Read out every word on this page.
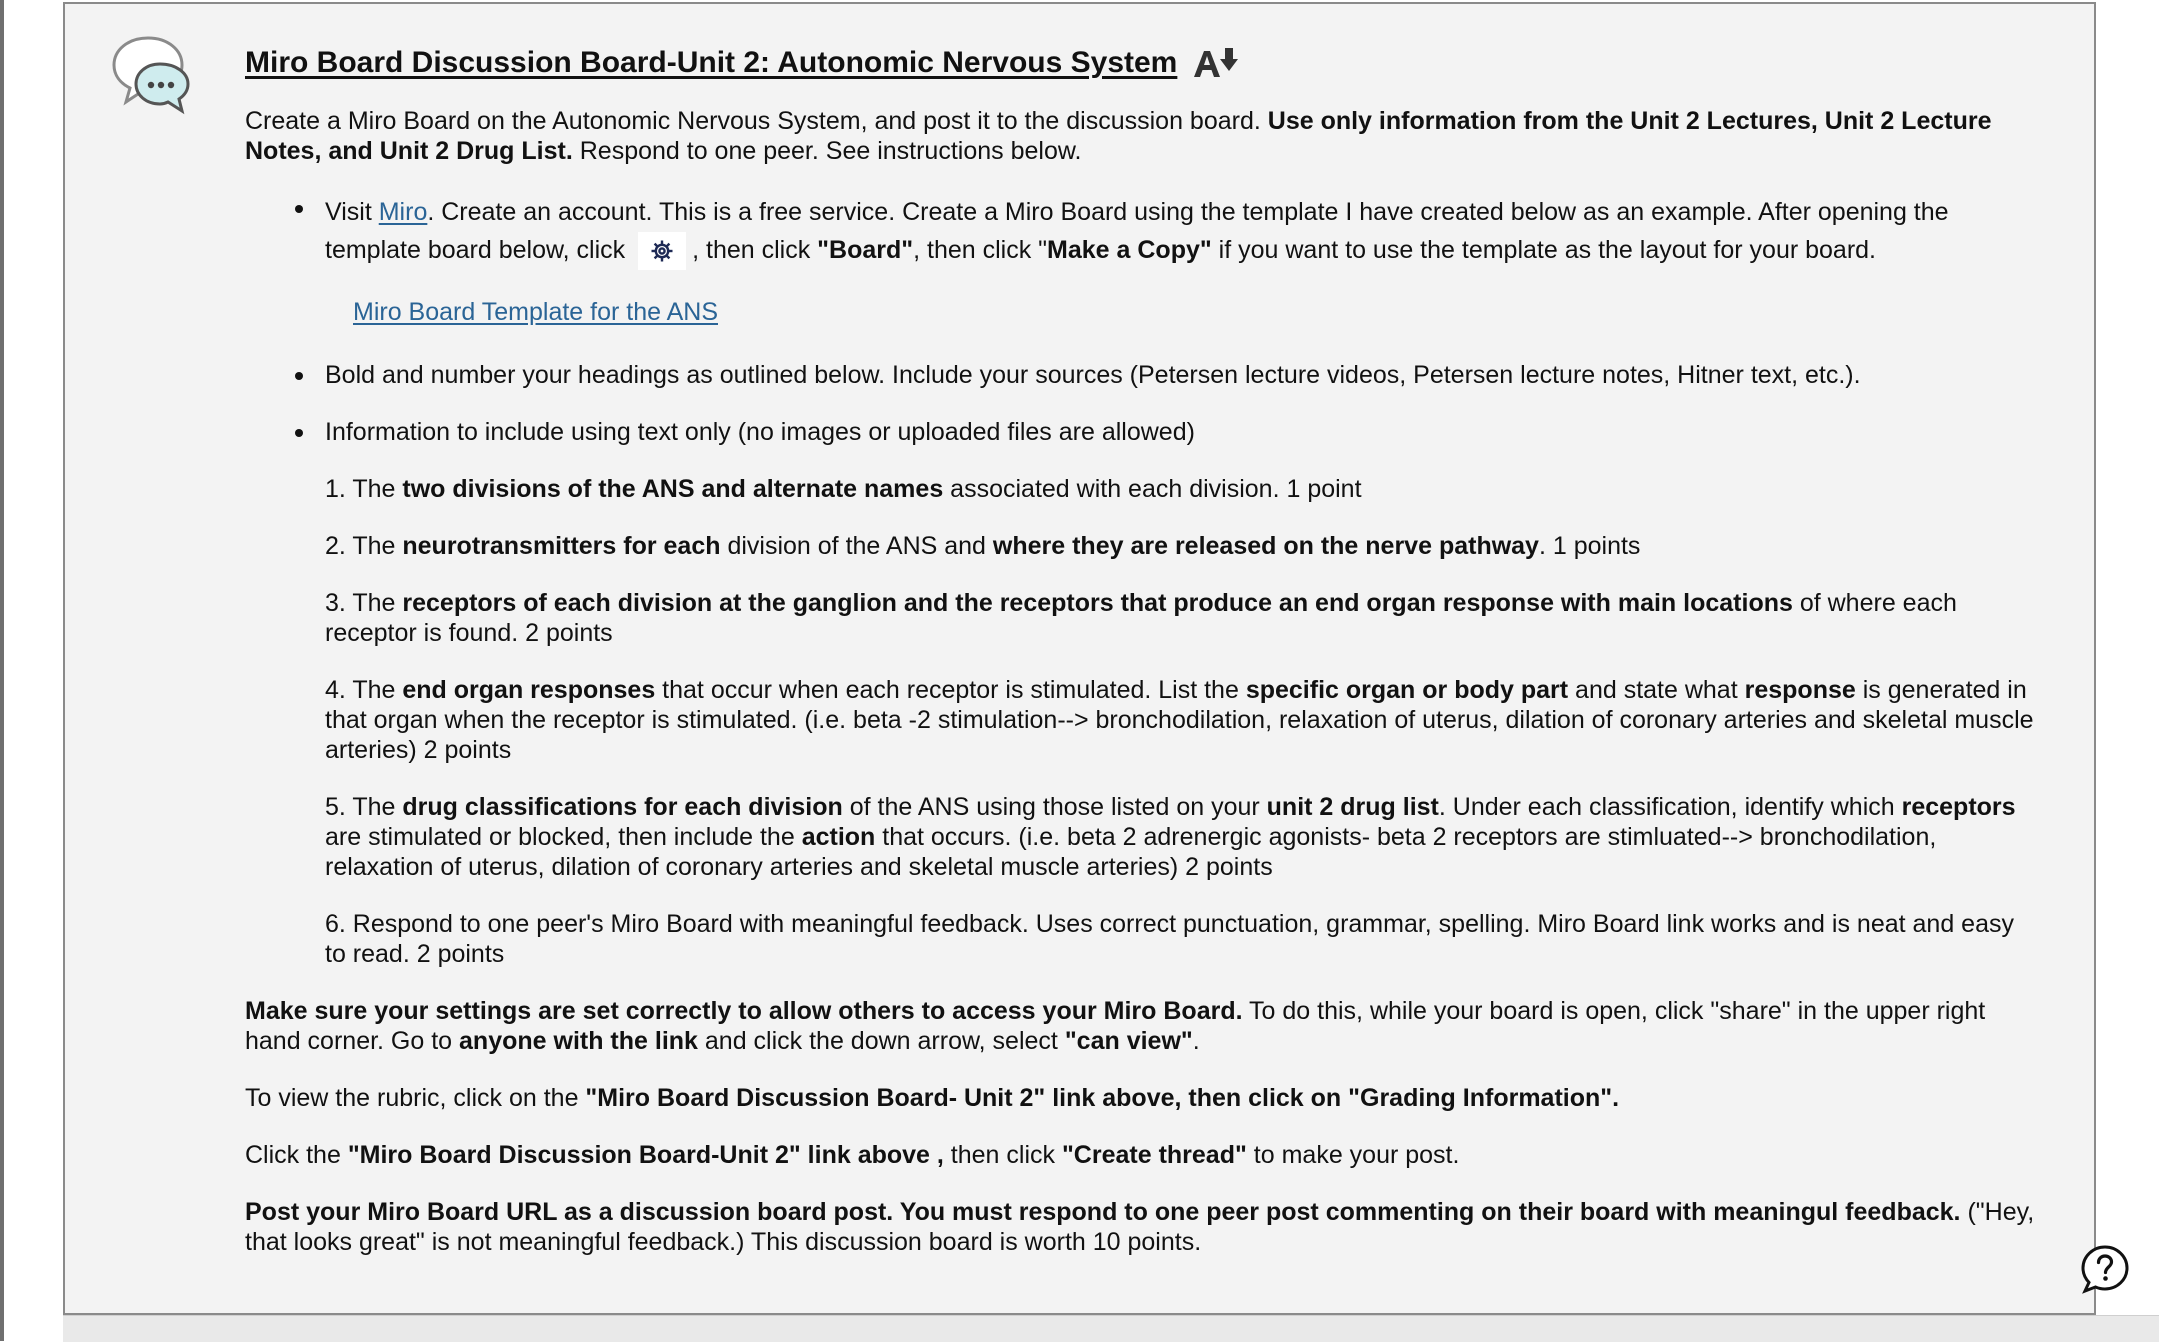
Miro Board Discussion Board-Unit 2: Autonomic Nervous System

Create a Miro Board on the Autonomic Nervous System, and post it to the discussion board. Use only information from the Unit 2 Lectures, Unit 2 Lecture Notes, and Unit 2 Drug List. Respond to one peer. See instructions below.

Visit Miro. Create an account. This is a free service. Create a Miro Board using the template I have created below as an example. After opening the template board below, click
, then click "Board", then click "Make a Copy" if you want to use the template as the layout for your board.
Miro Board Template for the ANS
Bold and number your headings as outlined below. Include your sources (Petersen lecture videos, Petersen lecture notes, Hitner text, etc.).
Information to include using text only (no images or uploaded files are allowed)
1. The two divisions of the ANS and alternate names associated with each division. 1 point
2. The neurotransmitters for each division of the ANS and where they are released on the nerve pathway. 1 points
3. The receptors of each division at the ganglion and the receptors that produce an end organ response with main locations of where each receptor is found. 2 points
4. The end organ responses that occur when each receptor is stimulated. List the specific organ or body part and state what response is generated in that organ when the receptor is stimulated. (i.e. beta -2 stimulation--> bronchodilation, relaxation of uterus, dilation of coronary arteries and skeletal muscle arteries) 2 points
5. The drug classifications for each division of the ANS using those listed on your unit 2 drug list. Under each classification, identify which receptors are stimulated or blocked, then include the action that occurs. (i.e. beta 2 adrenergic agonists- beta 2 receptors are stimluated--> bronchodilation, relaxation of uterus, dilation of coronary arteries and skeletal muscle arteries) 2 points
6. Respond to one peer's Miro Board with meaningful feedback. Uses correct punctuation, grammar, spelling. Miro Board link works and is neat and easy to read. 2 points

Make sure your settings are set correctly to allow others to access your Miro Board. To do this, while your board is open, click "share" in the upper right hand corner. Go to anyone with the link and click the down arrow, select "can view".

To view the rubric, click on the "Miro Board Discussion Board- Unit 2" link above, then click on "Grading Information".

Click the "Miro Board Discussion Board-Unit 2" link above , then click "Create thread" to make your post.

Post your Miro Board URL as a discussion board post. You must respond to one peer post commenting on their board with meaningul feedback. ("Hey, that looks great" is not meaningful feedback.) This discussion board is worth 10 points.
